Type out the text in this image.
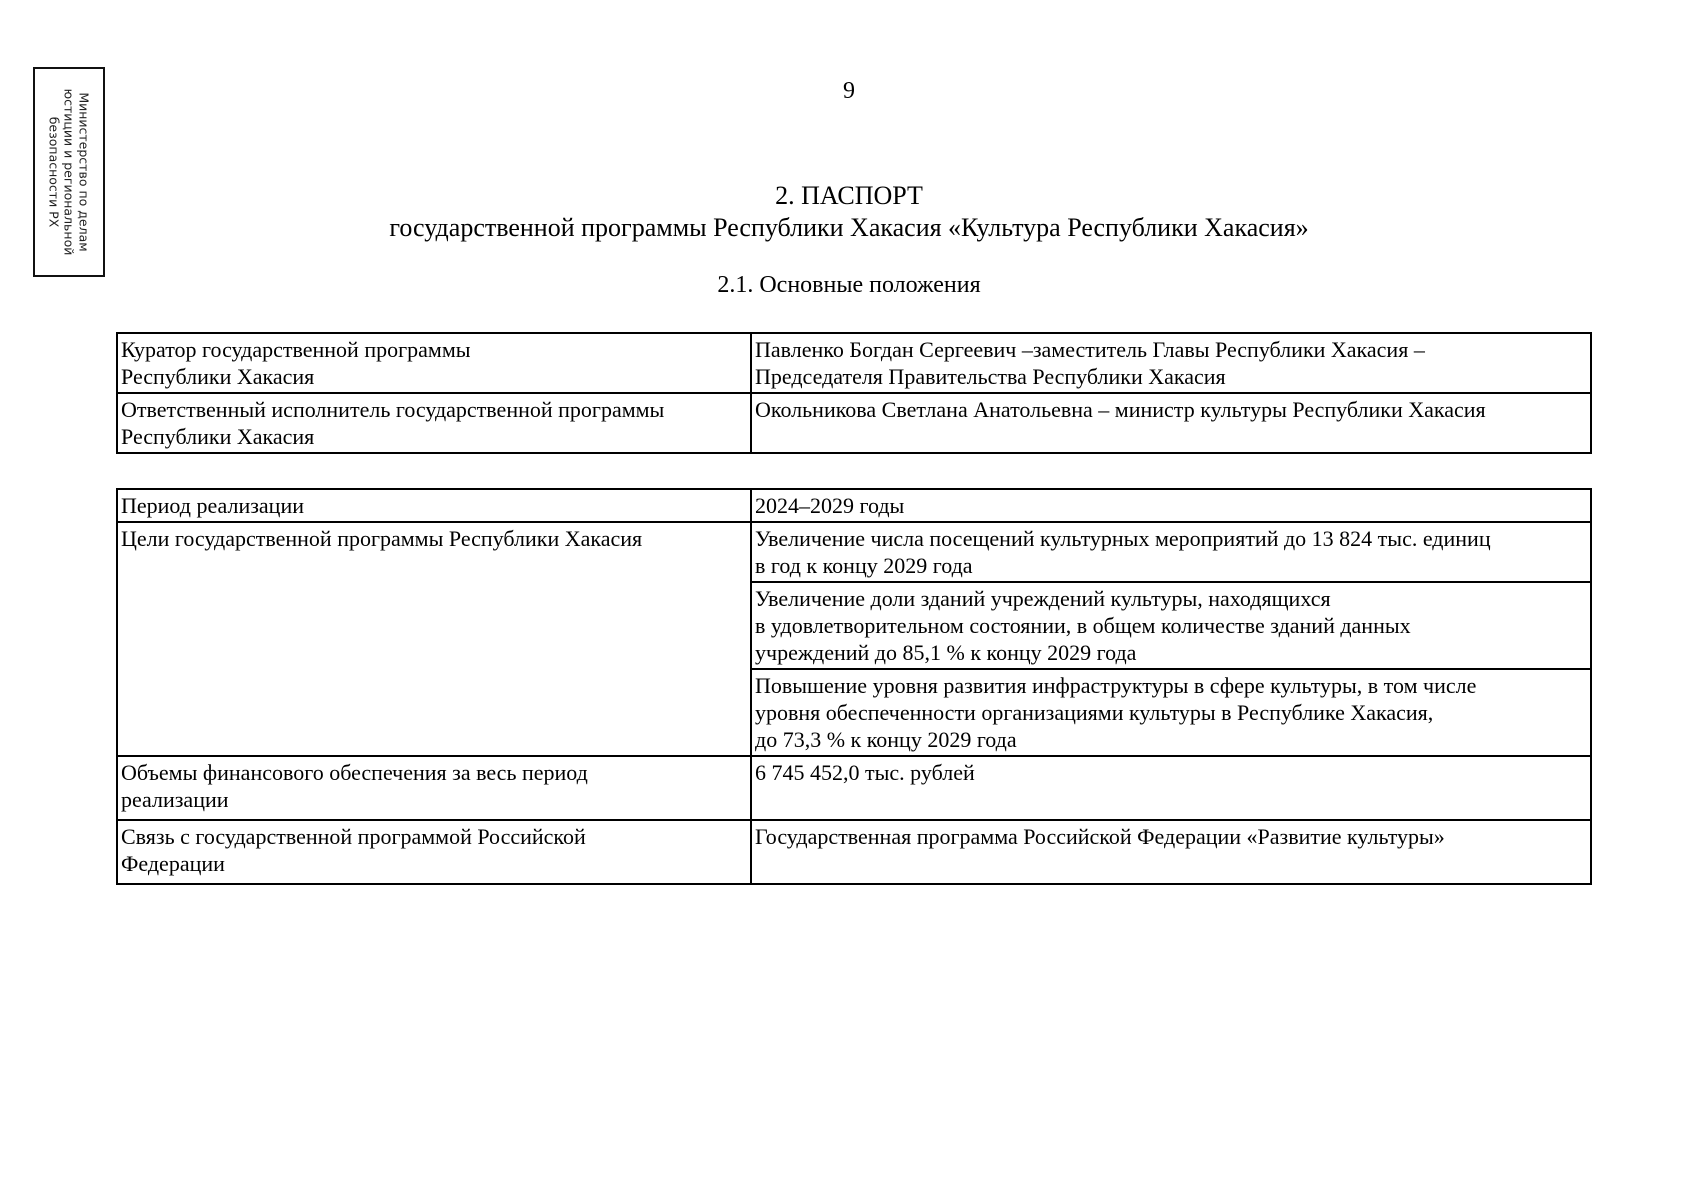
Министерство по делам
юстиции и региональной
безопасности РХ
9
2. ПАСПОРТ
государственной программы Республики Хакасия «Культура Республики Хакасия»
2.1. Основные положения
Куратор государственной программы
Республики Хакасия	Павленко Богдан Сергеевич –заместитель Главы Республики Хакасия –
Председателя Правительства Республики Хакасия
Ответственный исполнитель государственной программы
Республики Хакасия	Окольникова Светлана Анатольевна – министр культуры Республики Хакасия
Период реализации	2024–2029 годы
Цели государственной программы Республики Хакасия	Увеличение числа посещений культурных мероприятий до 13 824 тыс. единиц
в год к концу 2029 года
	Увеличение доли зданий учреждений культуры, находящихся
в удовлетворительном состоянии, в общем количестве зданий данных
учреждений до 85,1 % к концу 2029 года
	Повышение уровня развития инфраструктуры в сфере культуры, в том числе
уровня обеспеченности организациями культуры в Республике Хакасия,
до 73,3 % к концу 2029 года
Объемы финансового обеспечения за весь период
реализации	6 745 452,0 тыс. рублей
Связь с государственной программой Российской
Федерации	Государственная программа Российской Федерации «Развитие культуры»
